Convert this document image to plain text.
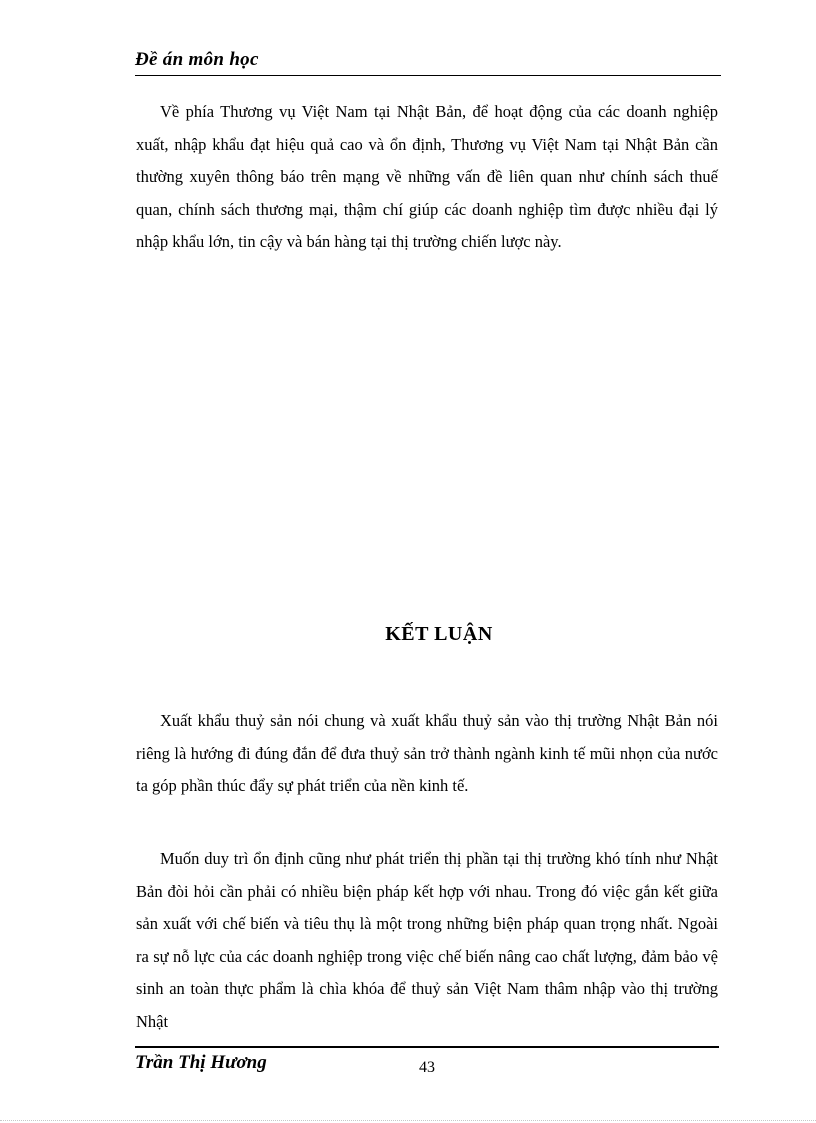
Đề án môn học

Về phía Thương vụ Việt Nam tại Nhật Bản, để hoạt động của các doanh nghiệp xuất, nhập khẩu đạt hiệu quả cao và ổn định, Thương vụ Việt Nam tại Nhật Bản cần thường xuyên thông báo trên mạng về những vấn đề liên quan như chính sách thuế quan, chính sách thương mại, thậm chí giúp các doanh nghiệp tìm được nhiều đại lý nhập khẩu lớn, tin cậy và bán hàng tại thị trường chiến lược này.

KẾT LUẬN

Xuất khẩu thuỷ sản nói chung và xuất khẩu thuỷ sản vào thị trường Nhật Bản nói riêng là hướng đi đúng đắn để đưa thuỷ sản trở thành ngành kinh tế mũi nhọn của nước ta góp phần thúc đẩy sự phát triển của nền kinh tế.

Muốn duy trì ổn định cũng như phát triển thị phần tại thị trường khó tính như Nhật Bản đòi hỏi cần phải có nhiều biện pháp kết hợp với nhau. Trong đó việc gắn kết giữa sản xuất với chế biến và tiêu thụ là một trong những biện pháp quan trọng nhất. Ngoài ra sự nỗ lực của các doanh nghiệp trong việc chế biến nâng cao chất lượng, đảm bảo vệ sinh an toàn thực phẩm là chìa khóa để thuỷ sản Việt Nam thâm nhập vào thị trường Nhật

Trần Thị Hương	43
